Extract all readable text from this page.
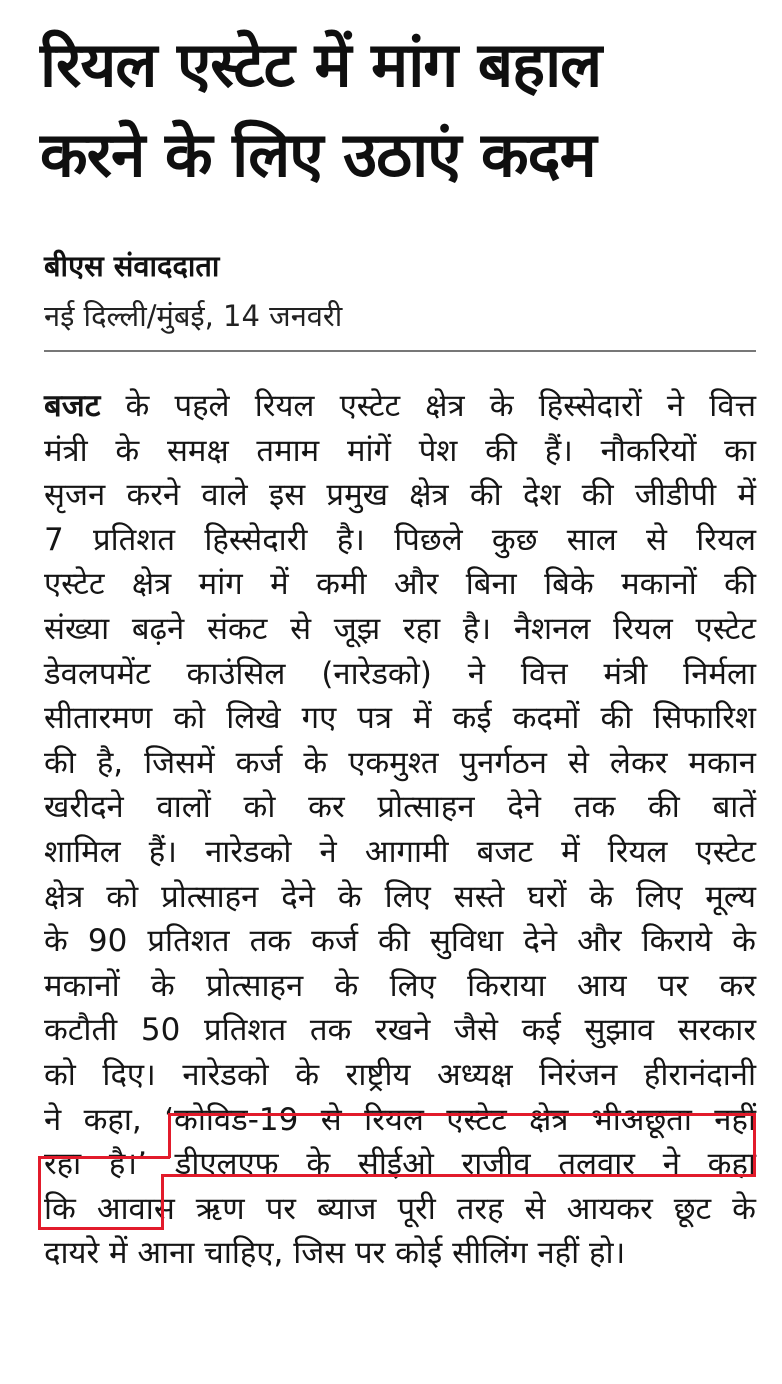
रियल एस्टेट में मांग बहाल
करने के लिए उठाएं कदम
बीएस संवाददाता
नई दिल्ली/मुंबई, 14 जनवरी
बजट के पहले रियल एस्टेट क्षेत्र के हिस्सेदारों ने वित्त
मंत्री के समक्ष तमाम मांगें पेश की हैं। नौकरियों का
सृजन करने वाले इस प्रमुख क्षेत्र की देश की जीडीपी में
7 प्रतिशत हिस्सेदारी है। पिछले कुछ साल से रियल
एस्टेट क्षेत्र मांग में कमी और बिना बिके मकानों की
संख्या बढ़ने संकट से जूझ रहा है। नैशनल रियल एस्टेट
डेवलपमेंट काउंसिल (नारेडको) ने वित्त मंत्री निर्मला
सीतारमण को लिखे गए पत्र में कई कदमों की सिफारिश
की है, जिसमें कर्ज के एकमुश्त पुनर्गठन से लेकर मकान
खरीदने वालों को कर प्रोत्साहन देने तक की बातें
शामिल हैं। नारेडको ने आगामी बजट में रियल एस्टेट
क्षेत्र को प्रोत्साहन देने के लिए सस्ते घरों के लिए मूल्य
के 90 प्रतिशत तक कर्ज की सुविधा देने और किराये के
मकानों के प्रोत्साहन के लिए किराया आय पर कर
कटौती 50 प्रतिशत तक रखने जैसे कई सुझाव सरकार
को दिए। नारेडको के राष्ट्रीय अध्यक्ष निरंजन हीरानंदानी
ने कहा, ‘कोविड-19 से रियल एस्टेट क्षेत्र भीअछूता नहीं
रहा है।’ डीएलएफ के सीईओ राजीव तलवार ने कहा
कि आवास ऋण पर ब्याज पूरी तरह से आयकर छूट के
दायरे में आना चाहिए, जिस पर कोई सीलिंग नहीं हो।
